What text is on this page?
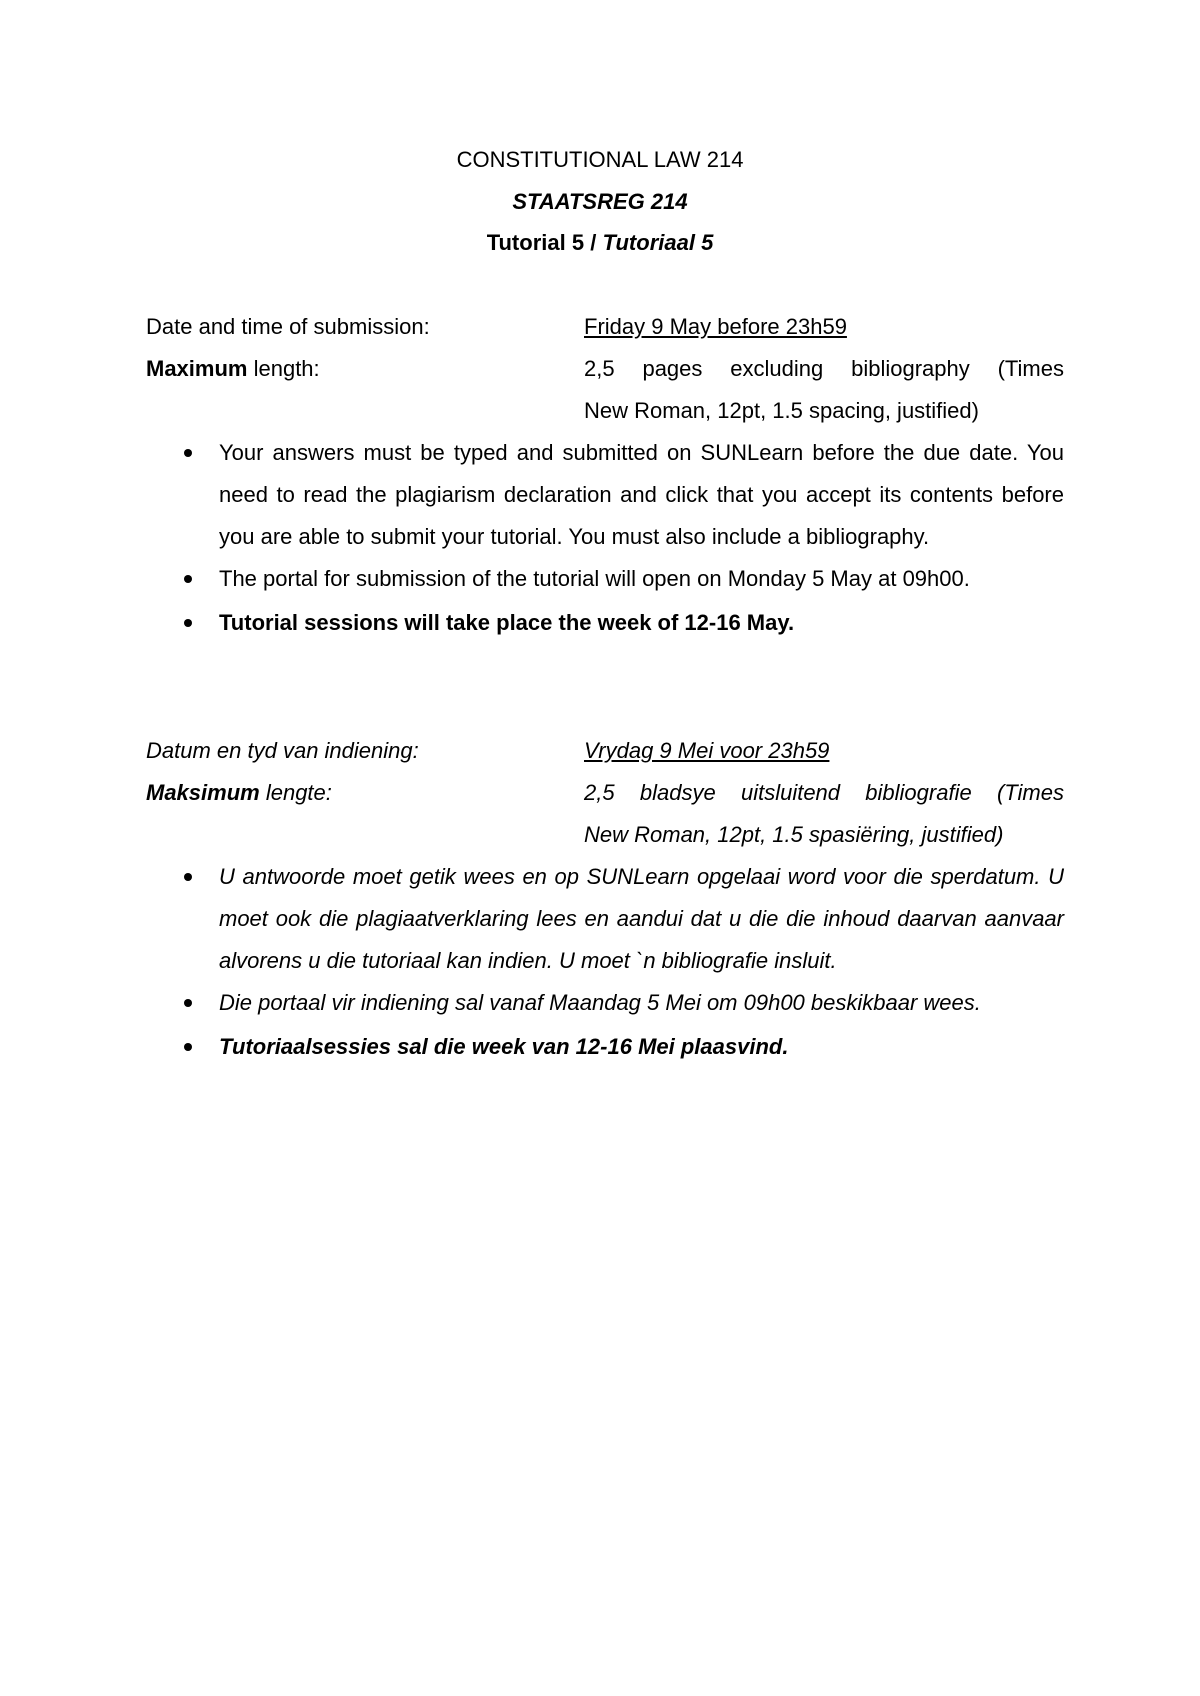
CONSTITUTIONAL LAW 214
STAATSREG 214
Tutorial 5 / Tutoriaal 5
Date and time of submission:	Friday 9 May before 23h59
Maximum length:	2,5 pages excluding bibliography (Times
New Roman, 12pt, 1.5 spacing, justified)
Your answers must be typed and submitted on SUNLearn before the due date. You need to read the plagiarism declaration and click that you accept its contents before you are able to submit your tutorial. You must also include a bibliography.
The portal for submission of the tutorial will open on Monday 5 May at 09h00.
Tutorial sessions will take place the week of 12-16 May.
Datum en tyd van indiening:	Vrydag 9 Mei voor 23h59
Maksimum lengte:	2,5 bladsye uitsluitend bibliografie (Times
New Roman, 12pt, 1.5 spasiëring, justified)
U antwoorde moet getik wees en op SUNLearn opgelaai word voor die sperdatum. U moet ook die plagiaatverklaring lees en aandui dat u die die inhoud daarvan aanvaar alvorens u die tutoriaal kan indien. U moet `n bibliografie insluit.
Die portaal vir indiening sal vanaf Maandag 5 Mei om 09h00 beskikbaar wees.
Tutoriaalsessies sal die week van 12-16 Mei plaasvind.
